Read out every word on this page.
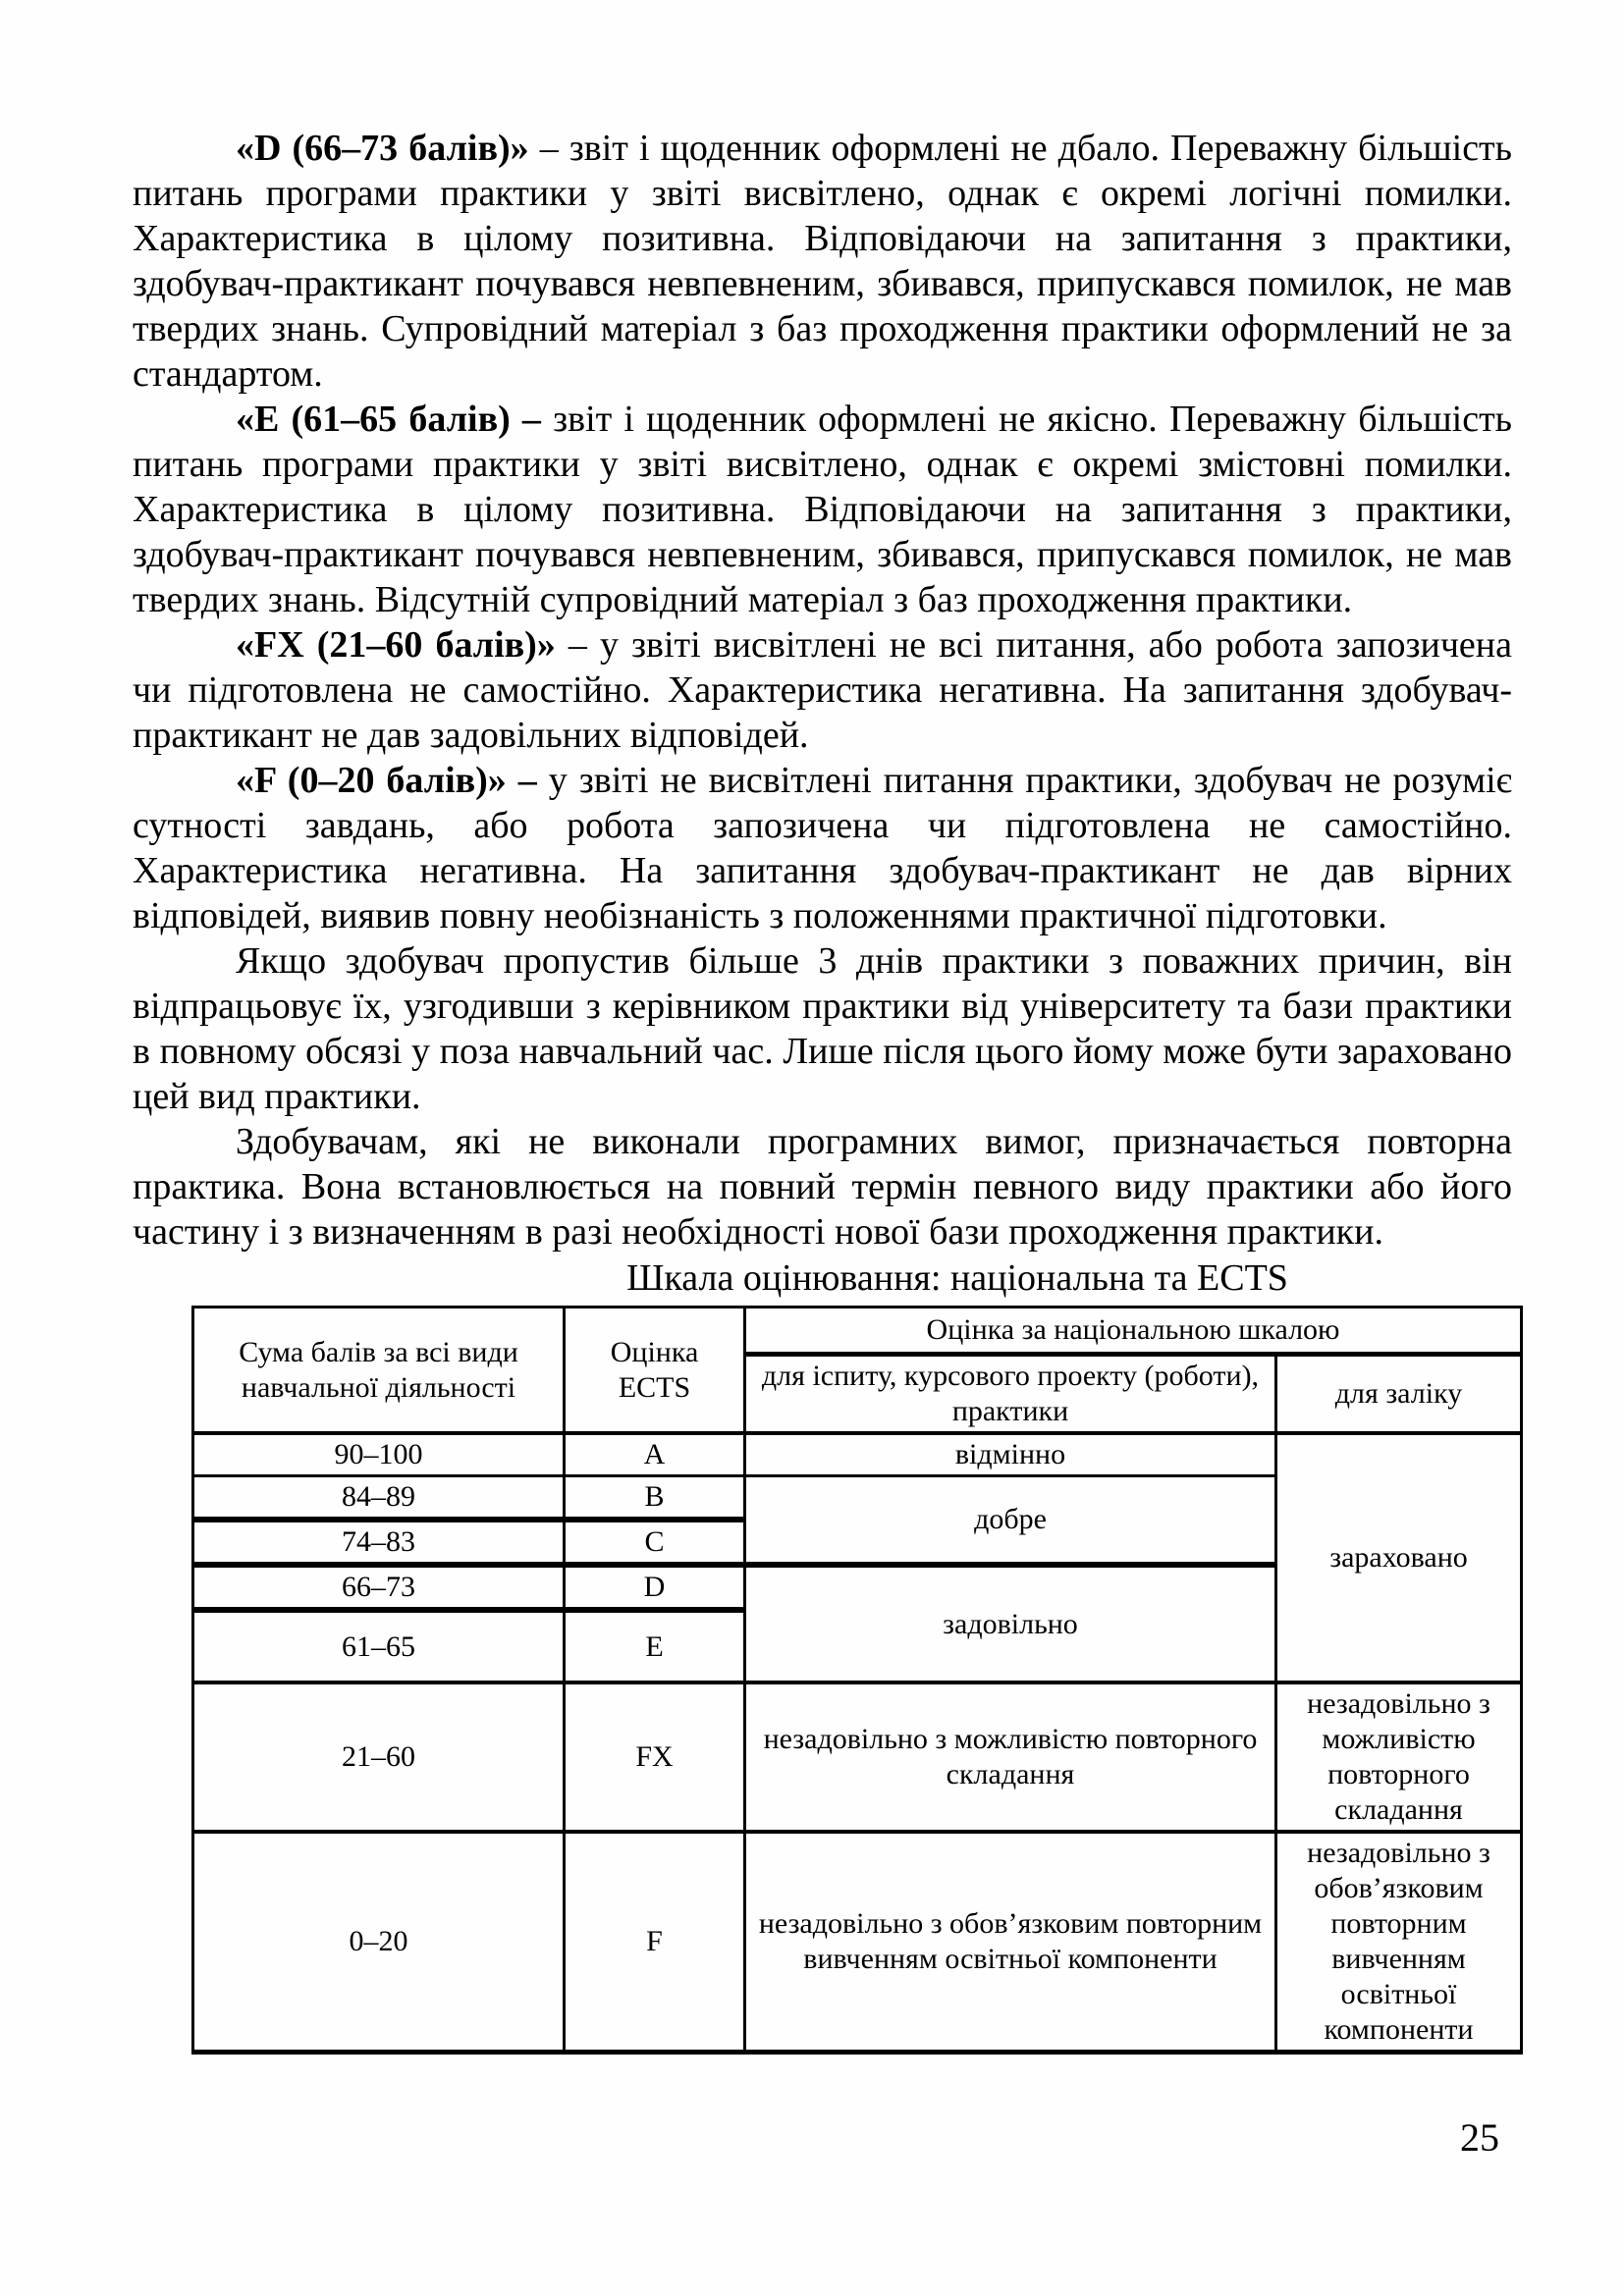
«D (66–73 балів)» – звіт і щоденник оформлені не дбало. Переважну більшість питань програми практики у звіті висвітлено, однак є окремі логічні помилки. Характеристика в цілому позитивна. Відповідаючи на запитання з практики, здобувач-практикант почувався невпевненим, збивався, припускався помилок, не мав твердих знань. Супровідний матеріал з баз проходження практики оформлений не за стандартом.

«Е (61–65 балів) – звіт і щоденник оформлені не якісно. Переважну більшість питань програми практики у звіті висвітлено, однак є окремі змістовні помилки. Характеристика в цілому позитивна. Відповідаючи на запитання з практики, здобувач-практикант почувався невпевненим, збивався, припускався помилок, не мав твердих знань. Відсутній супровідний матеріал з баз проходження практики.

«FX (21–60 балів)» – у звіті висвітлені не всі питання, або робота запозичена чи підготовлена не самостійно. Характеристика негативна. На запитання здобувач-практикант не дав задовільних відповідей.

«F (0–20 балів)» – у звіті не висвітлені питання практики, здобувач не розуміє сутності завдань, або робота запозичена чи підготовлена не самостійно. Характеристика негативна. На запитання здобувач-практикант не дав вірних відповідей, виявив повну необізнаність з положеннями практичної підготовки.

Якщо здобувач пропустив більше 3 днів практики з поважних причин, він відпрацьовує їх, узгодивши з керівником практики від університету та бази практики в повному обсязі у поза навчальний час. Лише після цього йому може бути зараховано цей вид практики.

Здобувачам, які не виконали програмних вимог, призначається повторна практика. Вона встановлюється на повний термін певного виду практики або його частину і з визначенням в разі необхідності нової бази проходження практики.

Шкала оцінювання: національна та ECTS

Сума балів за всі види навчальної діяльності	Оцінка ECTS	Оцінка за національною шкалою	
		для іспиту, курсового проекту (роботи), практики	для заліку
90–100	A	відмінно	зараховано
84–89	B	добре	
74–83	C		
66–73	D	задовільно	
61–65	E		
21–60	FX	незадовільно з можливістю повторного складання	незадовільно з можливістю повторного складання
0–20	F	незадовільно з обов’язковим повторним вивченням освітньої компоненти	незадовільно з обов’язковим повторним вивченням освітньої компоненти
25
